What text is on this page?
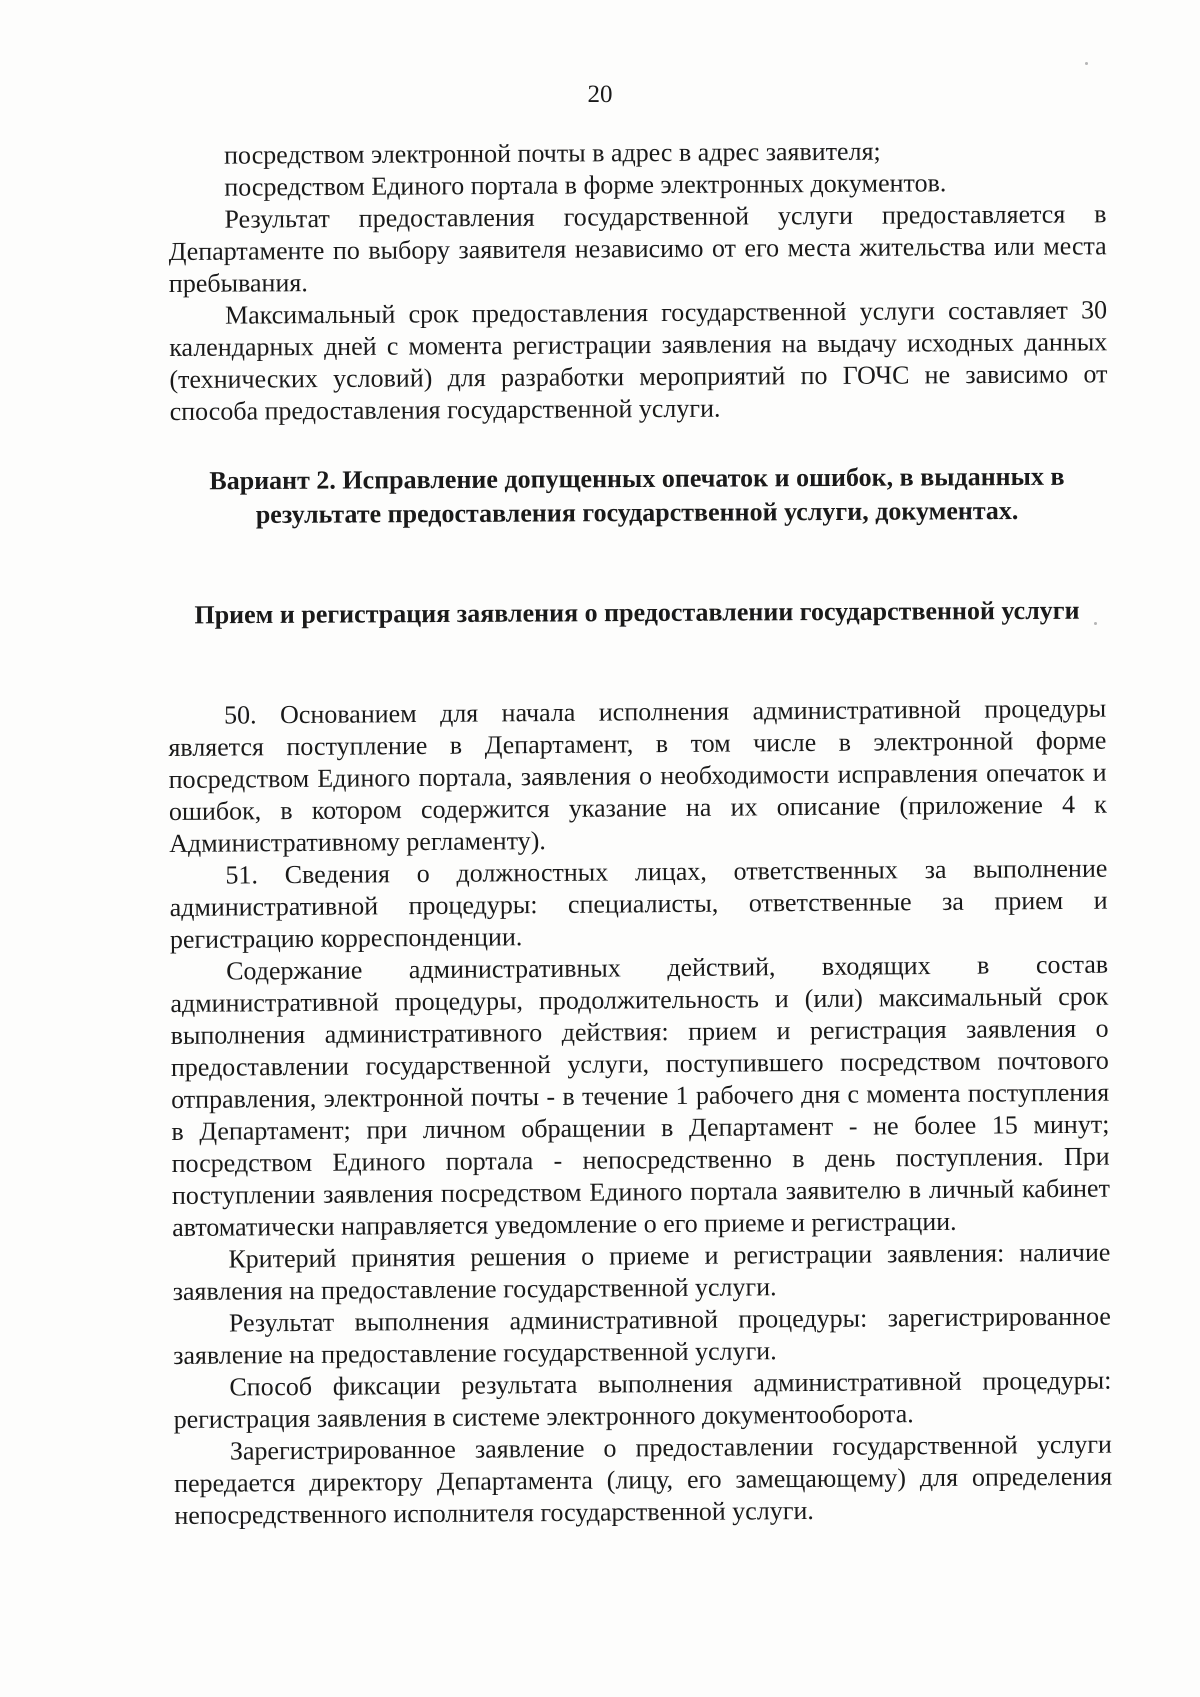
20

посредством электронной почты в адрес в адрес заявителя;

посредством Единого портала в форме электронных документов.

Результат предоставления государственной услуги предоставляется в Департаменте по выбору заявителя независимо от его места жительства или места пребывания.

Максимальный срок предоставления государственной услуги составляет 30 календарных дней с момента регистрации заявления на выдачу исходных данных (технических условий) для разработки мероприятий по ГОЧС не зависимо от способа предоставления государственной услуги.

Вариант 2. Исправление допущенных опечаток и ошибок, в выданных в результате предоставления государственной услуги, документах.
Прием и регистрация заявления о предоставлении государственной услуги

50. Основанием для начала исполнения административной процедуры является поступление в Департамент, в том числе в электронной форме посредством Единого портала, заявления о необходимости исправления опечаток и ошибок, в котором содержится указание на их описание (приложение 4 к Административному регламенту).

51. Сведения о должностных лицах, ответственных за выполнение административной процедуры: специалисты, ответственные за прием и регистрацию корреспонденции.

Содержание административных действий, входящих в состав административной процедуры, продолжительность и (или) максимальный срок выполнения административного действия: прием и регистрация заявления о предоставлении государственной услуги, поступившего посредством почтового отправления, электронной почты - в течение 1 рабочего дня с момента поступления в Департамент; при личном обращении в Департамент - не более 15 минут; посредством Единого портала - непосредственно в день поступления. При поступлении заявления посредством Единого портала заявителю в личный кабинет автоматически направляется уведомление о его приеме и регистрации.

Критерий принятия решения о приеме и регистрации заявления: наличие заявления на предоставление государственной услуги.

Результат выполнения административной процедуры: зарегистрированное заявление на предоставление государственной услуги.

Способ фиксации результата выполнения административной процедуры: регистрация заявления в системе электронного документооборота.

Зарегистрированное заявление о предоставлении государственной услуги передается директору Департамента (лицу, его замещающему) для определения непосредственного исполнителя государственной услуги.
